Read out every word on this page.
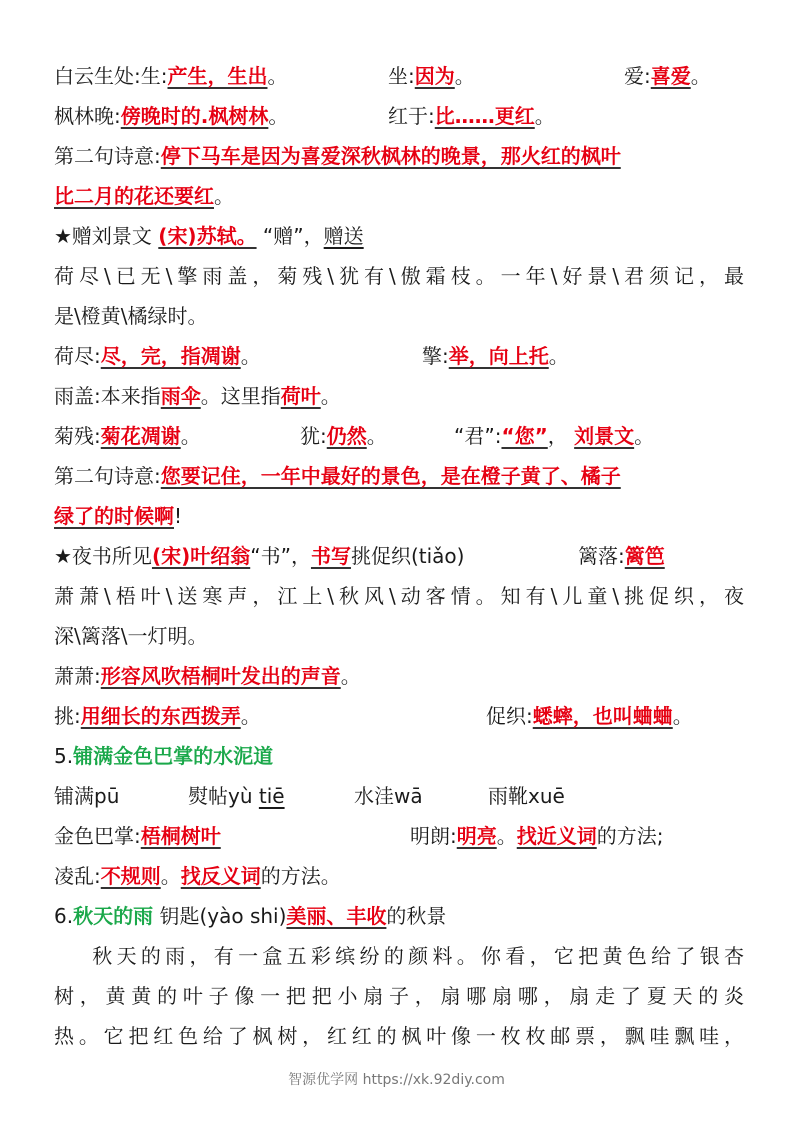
白云生处:生:产生，生出。	坐:因为。	爱:喜爱。
枫林晚:傍晚时的.枫树林。	红于:比……更红。
第二句诗意:停下马车是因为喜爱深秋枫林的晚景，那火红的枫叶
比二月的花还要红。
★赠刘景文 (宋)苏轼。 “赠”，赠送
荷尽\已无\擎雨盖，菊残\犹有\傲霜枝。一年\好景\君须记，最
是\橙黄\橘绿时。
荷尽:尽，完，指凋谢。	擎:举，向上托。
雨盖:本来指雨伞。这里指荷叶。
菊残:菊花凋谢。	犹:仍然。	“君”:“您”， 刘景文。
第二句诗意:您要记住，一年中最好的景色，是在橙子黄了、橘子
绿了的时候啊!
★夜书所见(宋)叶绍翁“书”，书写挑促织(tiǎo)	篱落:篱笆
萧萧\梧叶\送寒声，江上\秋风\动客情。知有\儿童\挑促织，夜
深\篱落\一灯明。
萧萧:形容风吹梧桐叶发出的声音。
挑:用细长的东西拨弄。	促织:蟋蟀，也叫蛐蛐。
5.铺满金色巴掌的水泥道
铺满pū	熨帖yù tiē	水洼wā	雨靴xuē
金色巴掌:梧桐树叶	明朗:明亮。找近义词的方法;
凌乱:不规则。找反义词的方法。
6.秋天的雨 钥匙(yào shi)美丽、丰收的秋景
秋天的雨，有一盒五彩缤纷的颜料。你看，它把黄色给了银杏
树，黄黄的叶子像一把把小扇子，扇哪扇哪，扇走了夏天的炎
热。它把红色给了枫树，红红的枫叶像一枚枚邮票，飘哇飘哇，
智源优学网 https://xk.92diy.com
